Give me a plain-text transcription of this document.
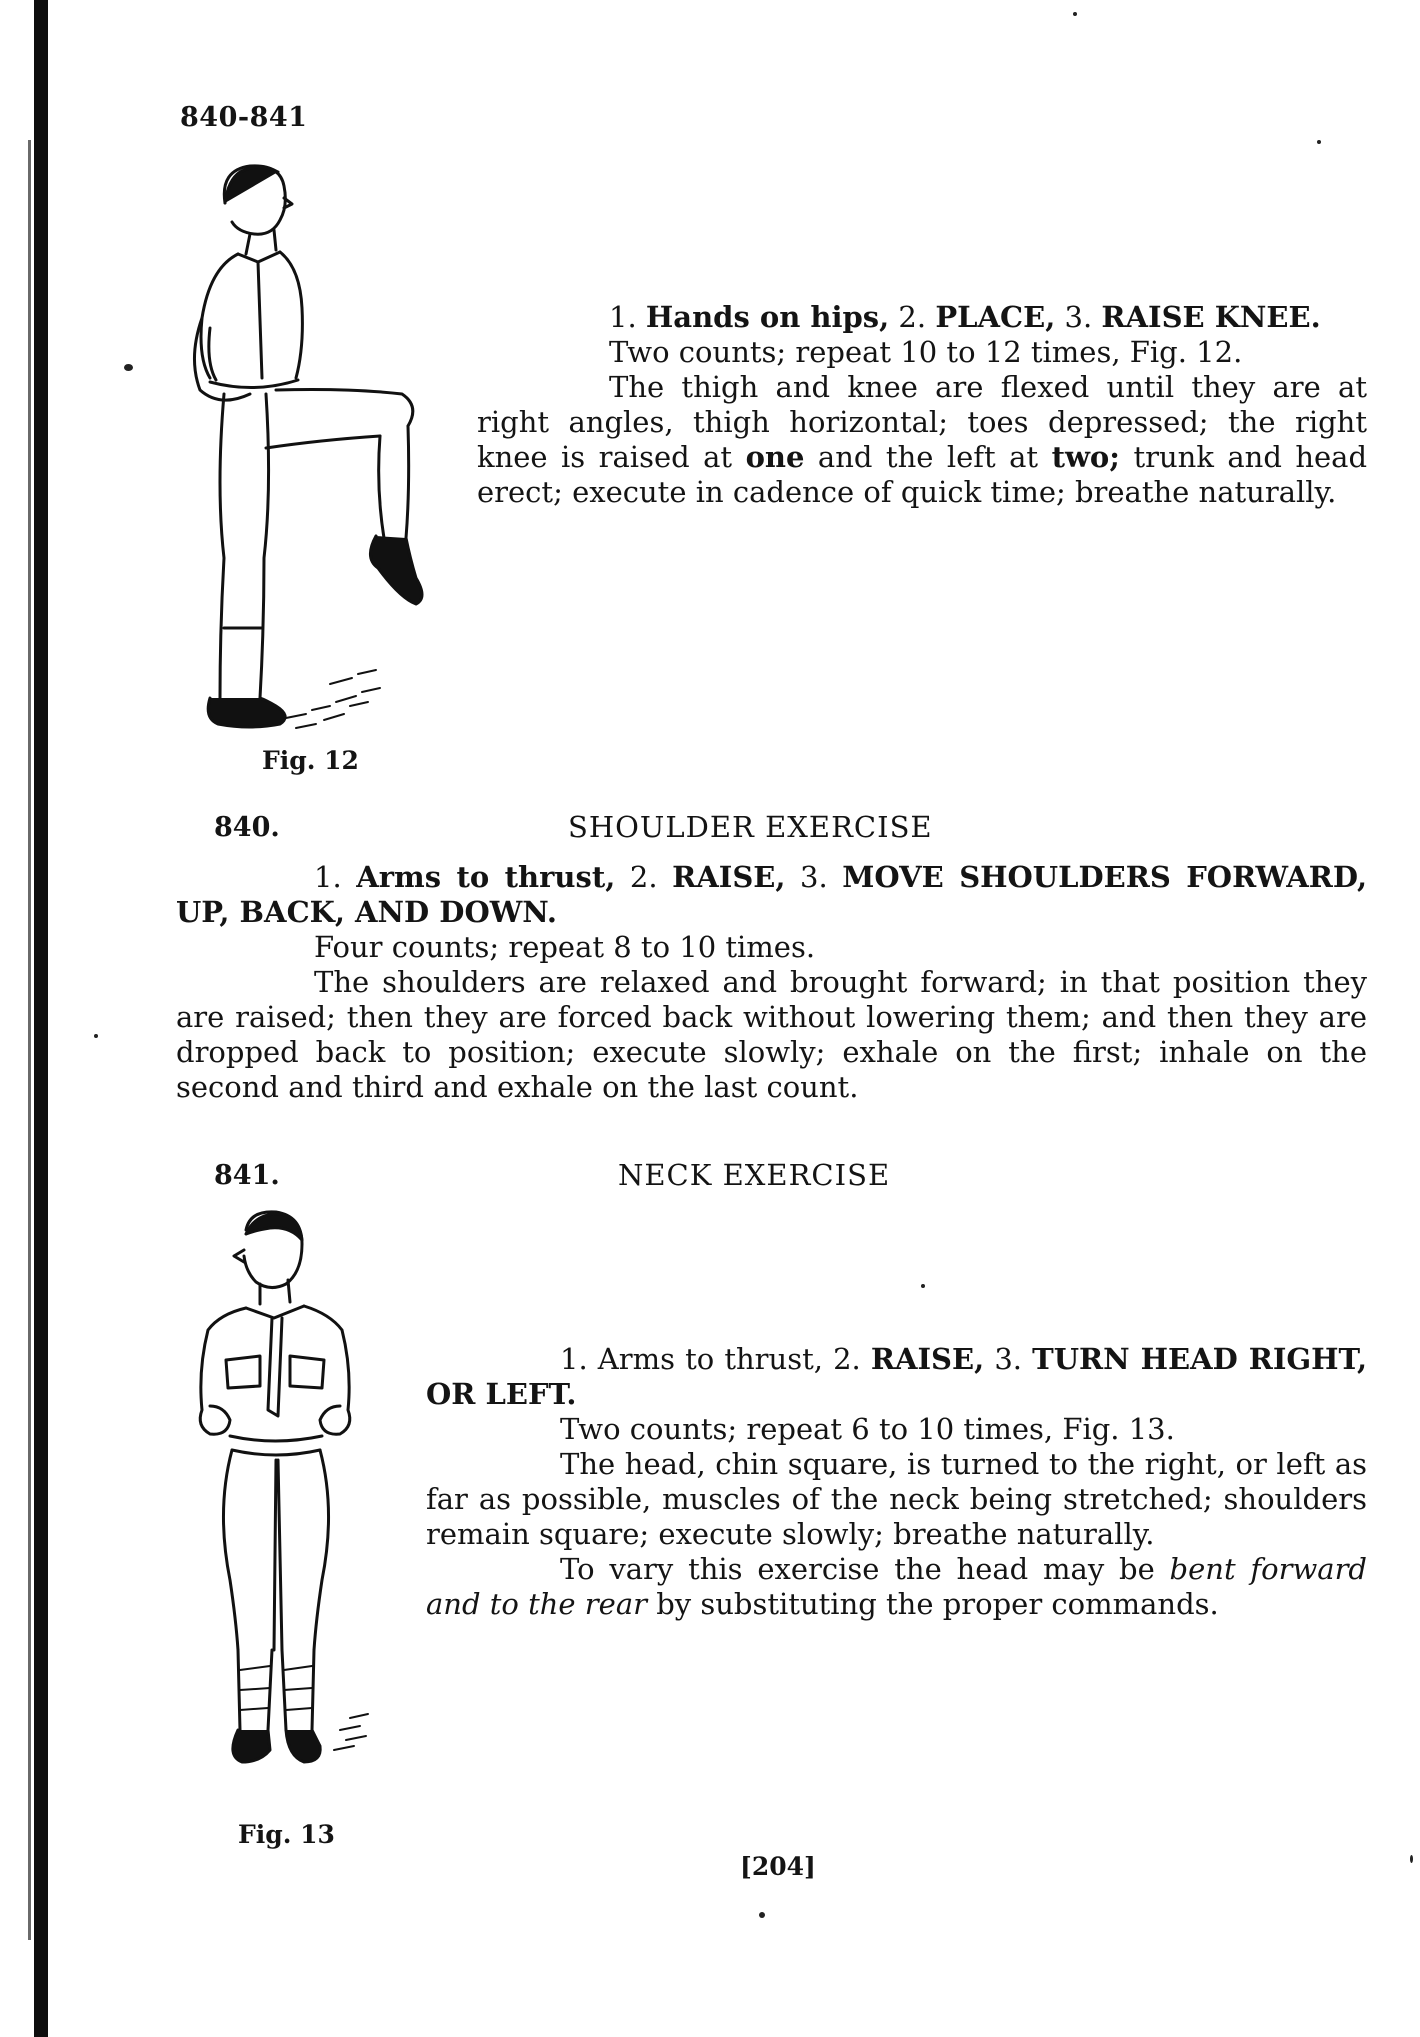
840-841
Fig. 12

1. Hands on hips, 2. PLACE, 3. RAISE KNEE.

Two counts; repeat 10 to 12 times, Fig. 12.

The thigh and knee are flexed until they are at right angles, thigh horizontal; toes depressed; the right knee is raised at one and the left at two; trunk and head erect; execute in cadence of quick time; breathe naturally.

840.	SHOULDER EXERCISE

1. Arms to thrust, 2. RAISE, 3. MOVE SHOULDERS FORWARD, UP, BACK, AND DOWN.

Four counts; repeat 8 to 10 times.

The shoulders are relaxed and brought forward; in that position they are raised; then they are forced back without lowering them; and then they are dropped back to position; execute slowly; exhale on the first; inhale on the second and third and exhale on the last count.

841.	NECK EXERCISE
Fig. 13

1. Arms to thrust, 2. RAISE, 3. TURN HEAD RIGHT, OR LEFT.

Two counts; repeat 6 to 10 times, Fig. 13.

The head, chin square, is turned to the right, or left as far as possible, muscles of the neck being stretched; shoulders remain square; execute slowly; breathe naturally.

To vary this exercise the head may be bent forward and to the rear by substituting the proper commands.

[204]
